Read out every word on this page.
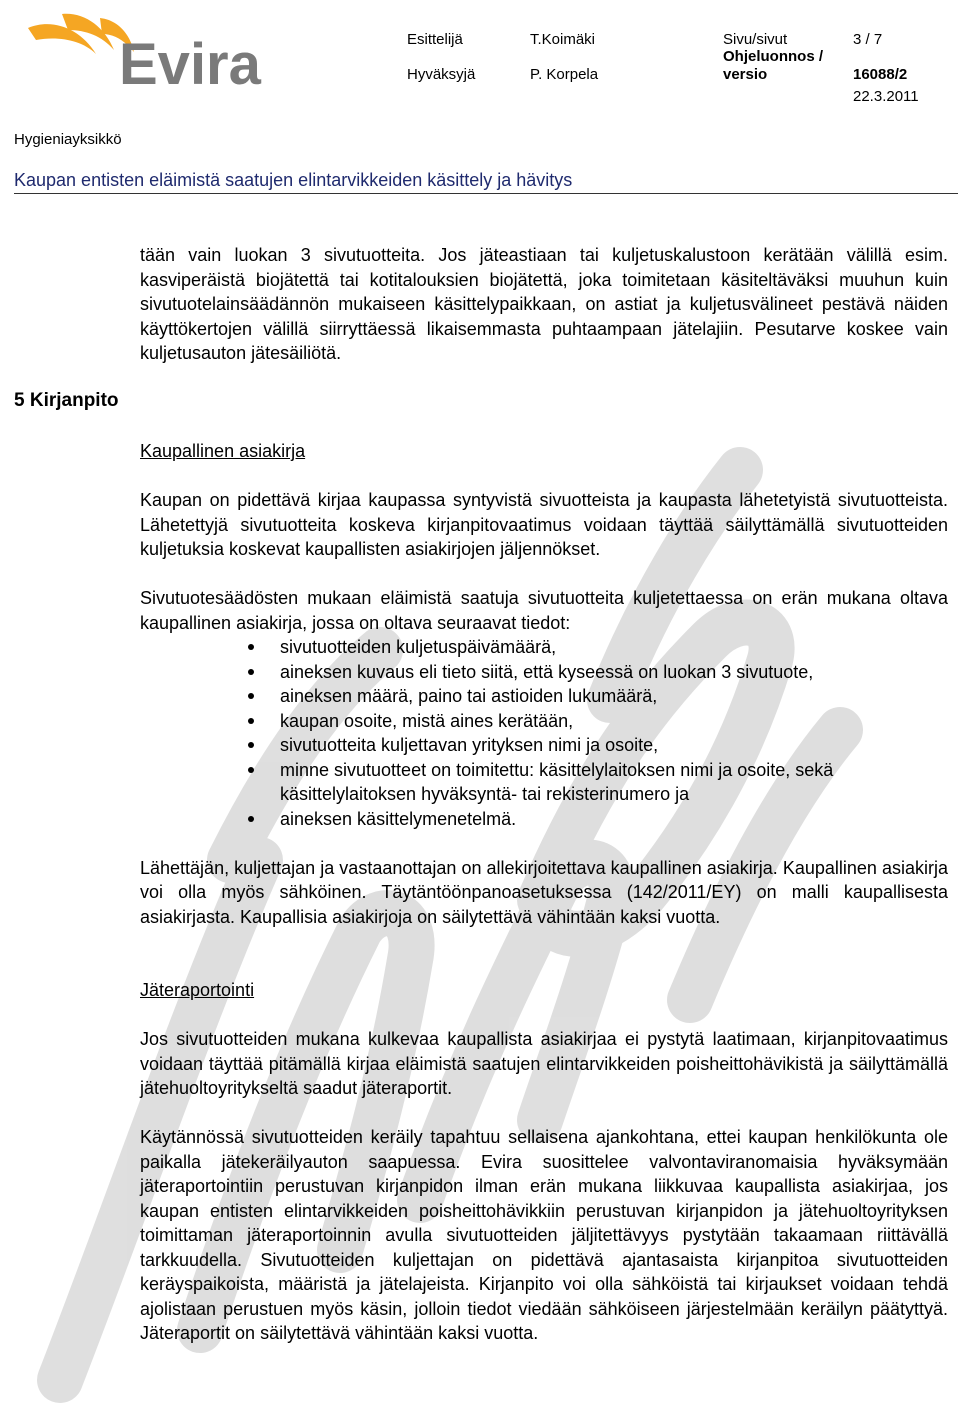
Evira	Esittelijä	T.Koimäki	Sivu/sivut	3 / 7
Ohjeluonnos /
Hyväksyjä	P. Korpela	versio	16088/2
22.3.2011
Hygieniayksikkö
Kaupan entisten eläimistä saatujen elintarvikkeiden käsittely ja hävitys
5 Kirjanpito

tään vain luokan 3 sivutuotteita. Jos jäteastiaan tai kuljetuskalustoon kerätään välillä esim. kasviperäistä biojätettä tai kotitalouksien biojätettä, joka toimitetaan käsiteltäväksi muuhun kuin sivutuotelainsäädännön mukaiseen käsittelypaikkaan, on astiat ja kuljetusvälineet pestävä näiden käyttökertojen välillä siirryttäessä likaisemmasta puhtaampaan jätelajiin. Pesutarve koskee vain kuljetusauton jätesäiliötä.

Kaupallinen asiakirja

Kaupan on pidettävä kirjaa kaupassa syntyvistä sivuotteista ja kaupasta lähetetyistä sivutuotteista. Lähetettyjä sivutuotteita koskeva kirjanpitovaatimus voidaan täyttää säilyttämällä sivutuotteiden kuljetuksia koskevat kaupallisten asiakirjojen jäljennökset.

Sivutuotesäädösten mukaan eläimistä saatuja sivutuotteita kuljetettaessa on erän mukana oltava kaupallinen asiakirja, jossa on oltava seuraavat tiedot:

sivutuotteiden kuljetuspäivämäärä,
aineksen kuvaus eli tieto siitä, että kyseessä on luokan 3 sivutuote,
aineksen määrä, paino tai astioiden lukumäärä,
kaupan osoite, mistä aines kerätään,
sivutuotteita kuljettavan yrityksen nimi ja osoite,
minne sivutuotteet on toimitettu: käsittelylaitoksen nimi ja osoite, sekä käsittelylaitoksen hyväksyntä- tai rekisterinumero ja
aineksen käsittelymenetelmä.

Lähettäjän, kuljettajan ja vastaanottajan on allekirjoitettava kaupallinen asiakirja. Kaupallinen asiakirja voi olla myös sähköinen. Täytäntöönpanoasetuksessa (142/2011/EY) on malli kaupallisesta asiakirjasta. Kaupallisia asiakirjoja on säilytettävä vähintään kaksi vuotta.

Jäteraportointi

Jos sivutuotteiden mukana kulkevaa kaupallista asiakirjaa ei pystytä laatimaan, kirjanpitovaatimus voidaan täyttää pitämällä kirjaa eläimistä saatujen elintarvikkeiden poisheittohävikistä ja säilyttämällä jätehuoltoyritykseltä saadut jäteraportit.

Käytännössä sivutuotteiden keräily tapahtuu sellaisena ajankohtana, ettei kaupan henkilökunta ole paikalla jätekeräilyauton saapuessa. Evira suosittelee valvontaviranomaisia hyväksymään jäteraportointiin perustuvan kirjanpidon ilman erän mukana liikkuvaa kaupallista asiakirjaa, jos kaupan entisten elintarvikkeiden poisheittohävikkiin perustuvan kirjanpidon ja jätehuoltoyrityksen toimittaman jäteraportoinnin avulla sivutuotteiden jäljitettävyys pystytään takaamaan riittävällä tarkkuudella. Sivutuotteiden kuljettajan on pidettävä ajantasaista kirjanpitoa sivutuotteiden keräyspaikoista, määristä ja jätelajeista. Kirjanpito voi olla sähköistä tai kirjaukset voidaan tehdä ajolistaan perustuen myös käsin, jolloin tiedot viedään sähköiseen järjestelmään keräilyn päätyttyä. Jäteraportit on säilytettävä vähintään kaksi vuotta.
